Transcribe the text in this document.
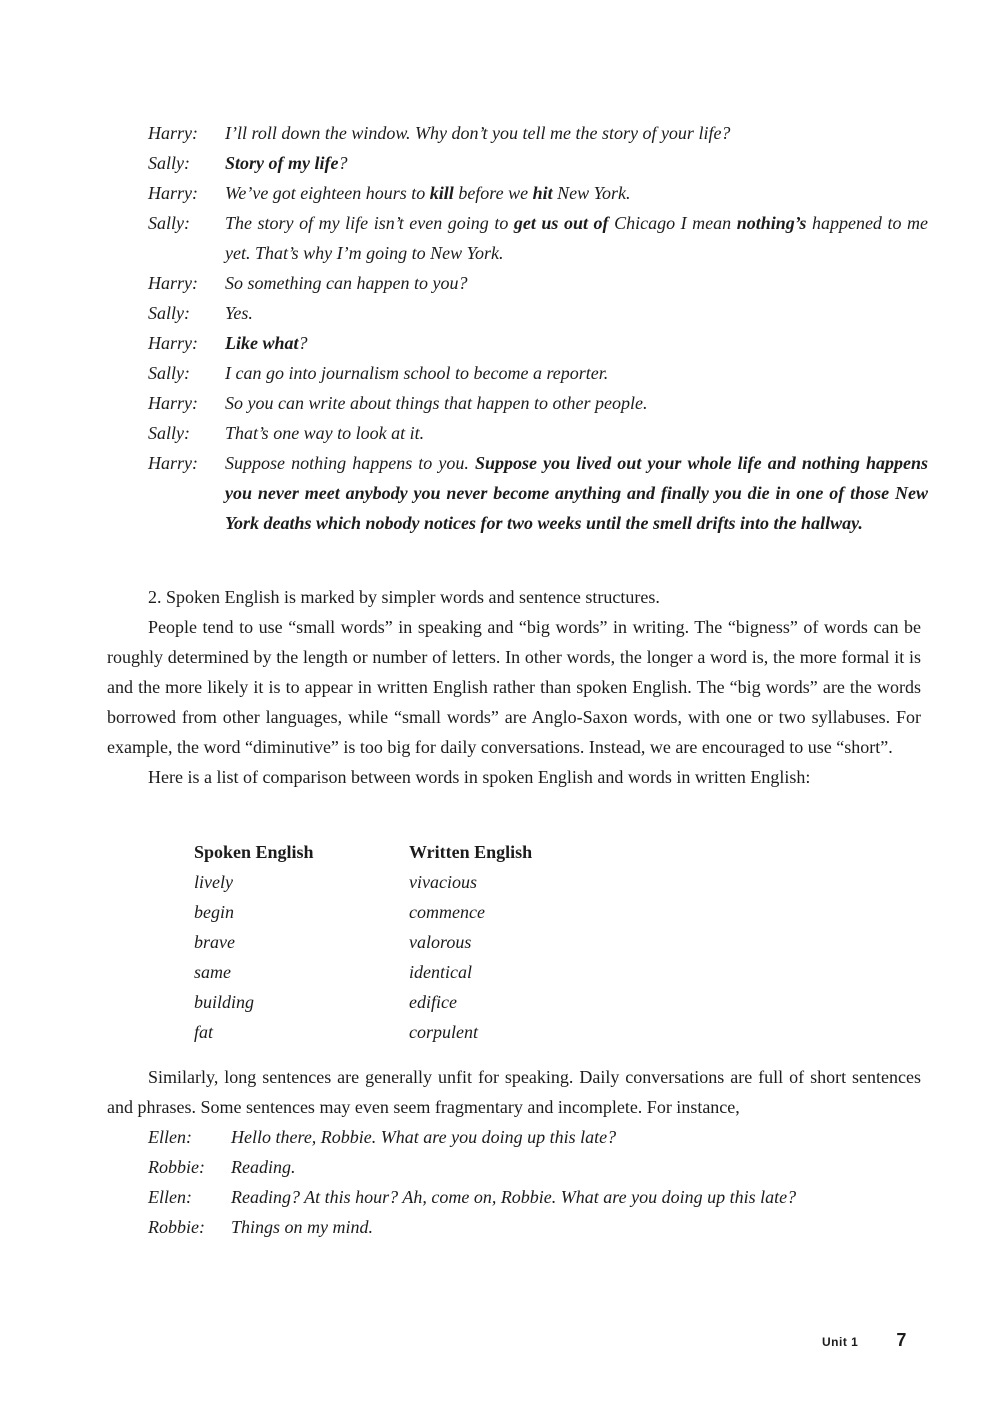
Harry:	I’ll roll down the window. Why don’t you tell me the story of your life?
Sally:	Story of my life?
Harry:	We’ve got eighteen hours to kill before we hit New York.
Sally:	The story of my life isn’t even going to get us out of Chicago I mean nothing’s happened to me yet. That’s why I’m going to New York.
Harry:	So something can happen to you?
Sally:	Yes.
Harry:	Like what?
Sally:	I can go into journalism school to become a reporter.
Harry:	So you can write about things that happen to other people.
Sally:	That’s one way to look at it.
Harry:	Suppose nothing happens to you. Suppose you lived out your whole life and nothing happens you never meet anybody you never become anything and finally you die in one of those New York deaths which nobody notices for two weeks until the smell drifts into the hallway.

2. Spoken English is marked by simpler words and sentence structures.

People tend to use “small words” in speaking and “big words” in writing. The “bigness” of words can be roughly determined by the length or number of letters. In other words, the longer a word is, the more formal it is and the more likely it is to appear in written English rather than spoken English. The “big words” are the words borrowed from other languages, while “small words” are Anglo-Saxon words, with one or two syllabuses. For example, the word “diminutive” is too big for daily conversations. Instead, we are encouraged to use “short”.

Here is a list of comparison between words in spoken English and words in written English:

Spoken English	Written English
lively	vivacious
begin	commence
brave	valorous
same	identical
building	edifice
fat	corpulent

Similarly, long sentences are generally unfit for speaking. Daily conversations are full of short sentences and phrases. Some sentences may even seem fragmentary and incomplete. For instance,

Ellen:	Hello there, Robbie. What are you doing up this late?
Robbie:	Reading.
Ellen:	Reading? At this hour? Ah, come on, Robbie. What are you doing up this late?
Robbie:	Things on my mind.
Unit 1 7
